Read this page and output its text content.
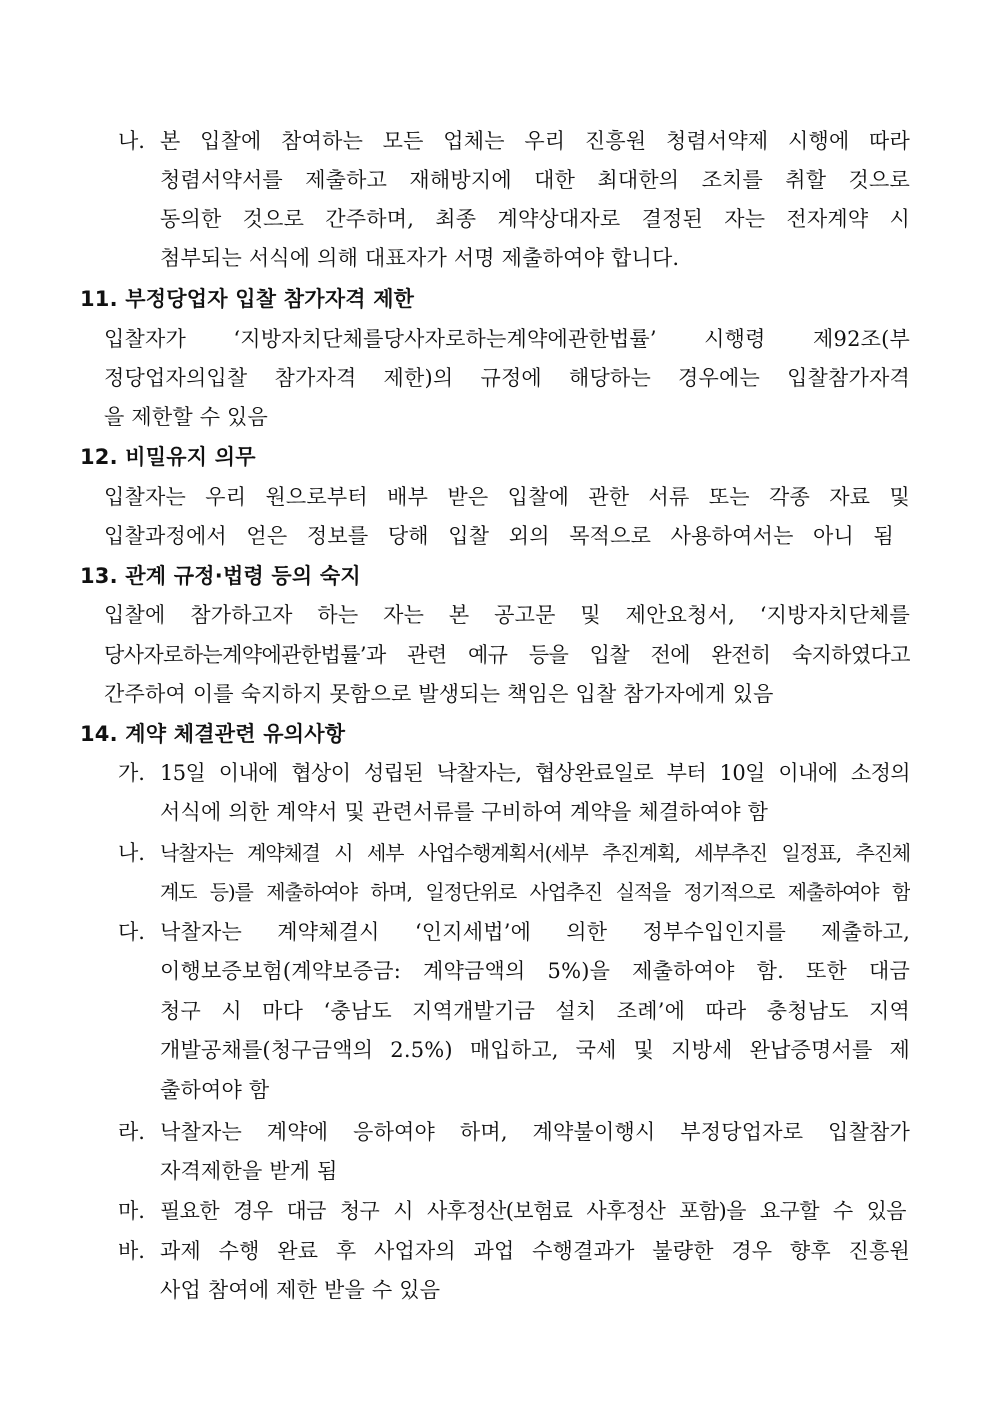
나. 본 입찰에 참여하는 모든 업체는 우리 진흥원 청렴서약제 시행에 따라
청렴서약서를 제출하고 재해방지에 대한 최대한의 조치를 취할 것으로
동의한 것으로 간주하며, 최종 계약상대자로 결정된 자는 전자계약 시
첨부되는 서식에 의해 대표자가 서명 제출하여야 합니다.
11. 부정당업자 입찰 참가자격 제한
입찰자가 ‘지방자치단체를당사자로하는계약에관한법률’ 시행령 제92조(부
정당업자의입찰 참가자격 제한)의 규정에 해당하는 경우에는 입찰참가자격
을 제한할 수 있음
12. 비밀유지 의무
입찰자는 우리 원으로부터 배부 받은 입찰에 관한 서류 또는 각종 자료 및
입찰과정에서 얻은 정보를 당해 입찰 외의 목적으로 사용하여서는 아니 됨
13. 관계 규정·법령 등의 숙지
입찰에 참가하고자 하는 자는 본 공고문 및 제안요청서, ‘지방자치단체를
당사자로하는계약에관한법률’과 관련 예규 등을 입찰 전에 완전히 숙지하였다고
간주하여 이를 숙지하지 못함으로 발생되는 책임은 입찰 참가자에게 있음
14. 계약 체결관련 유의사항
가. 15일 이내에 협상이 성립된 낙찰자는, 협상완료일로 부터 10일 이내에 소정의
서식에 의한 계약서 및 관련서류를 구비하여 계약을 체결하여야 함
나. 낙찰자는 계약체결 시 세부 사업수행계획서(세부 추진계획, 세부추진 일정표, 추진체
계도 등)를 제출하여야 하며, 일정단위로 사업추진 실적을 정기적으로 제출하여야 함
다. 낙찰자는 계약체결시 ‘인지세법’에 의한 정부수입인지를 제출하고,
이행보증보험(계약보증금: 계약금액의 5%)을 제출하여야 함. 또한 대금
청구 시 마다 ‘충남도 지역개발기금 설치 조례’에 따라 충청남도 지역
개발공채를(청구금액의 2.5%) 매입하고, 국세 및 지방세 완납증명서를 제
출하여야 함
라. 낙찰자는 계약에 응하여야 하며, 계약불이행시 부정당업자로 입찰참가
자격제한을 받게 됨
마. 필요한 경우 대금 청구 시 사후정산(보험료 사후정산 포함)을 요구할 수 있음
바. 과제 수행 완료 후 사업자의 과업 수행결과가 불량한 경우 향후 진흥원
사업 참여에 제한 받을 수 있음
